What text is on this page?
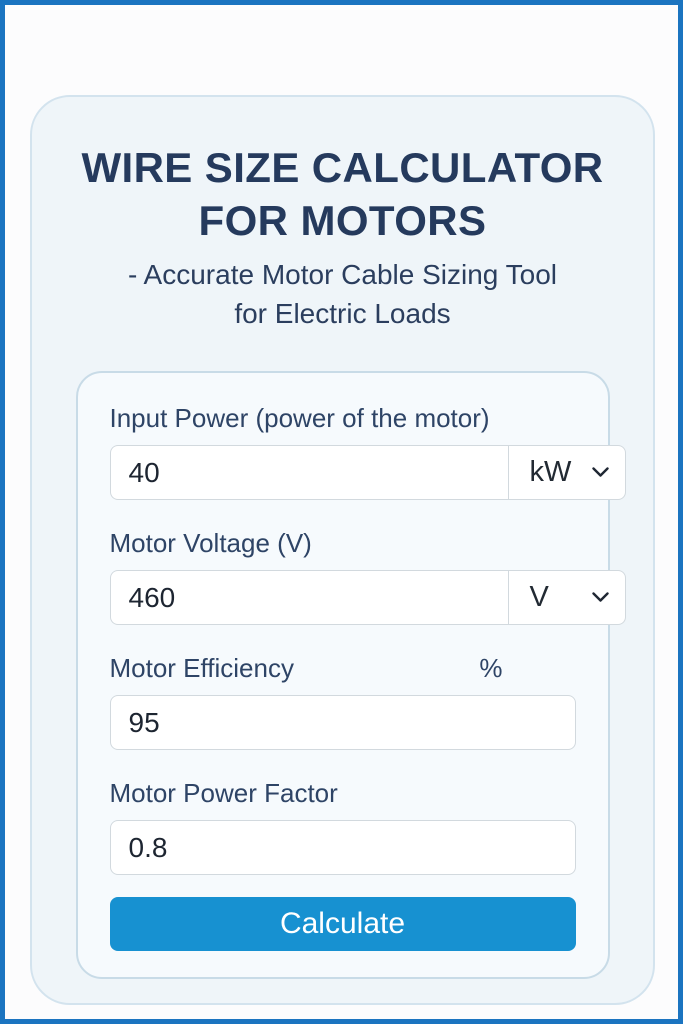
WIRE SIZE CALCULATOR
FOR MOTORS
- Accurate Motor Cable Sizing Tool
for Electric Loads
Input Power (power of the motor)
40
kW
Motor Voltage (V)
460
V
Motor Efficiency	%
95
Motor Power Factor
0.8
Calculate
